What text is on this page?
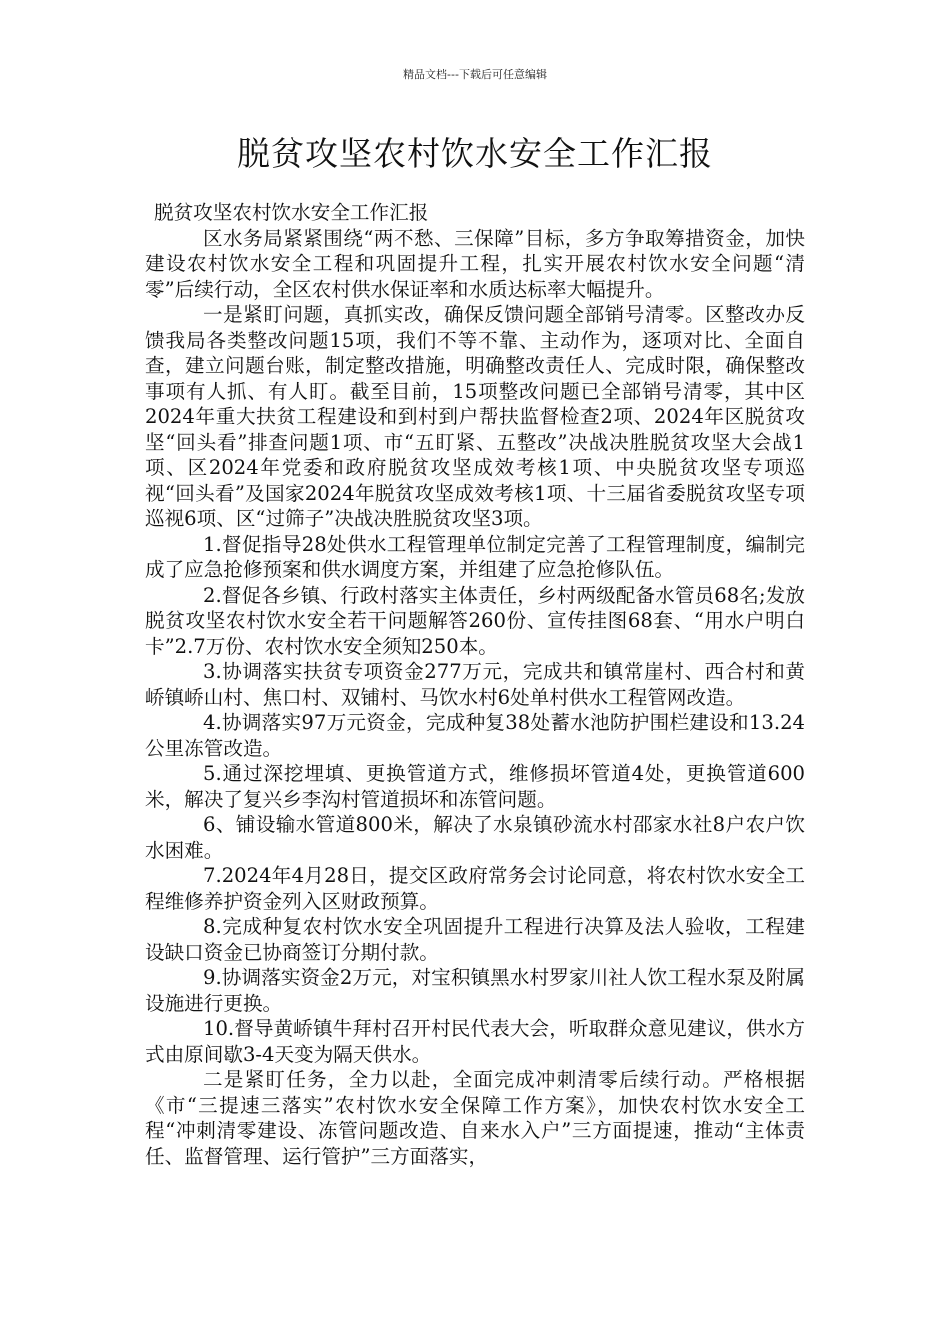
精品文档---下载后可任意编辑
脱贫攻坚农村饮水安全工作汇报

脱贫攻坚农村饮水安全工作汇报

区水务局紧紧围绕“两不愁、三保障”目标，多方争取筹措资金，加快建设农村饮水安全工程和巩固提升工程，扎实开展农村饮水安全问题“清零”后续行动，全区农村供水保证率和水质达标率大幅提升。

一是紧盯问题，真抓实改，确保反馈问题全部销号清零。区整改办反馈我局各类整改问题15项，我们不等不靠、主动作为，逐项对比、全面自查，建立问题台账，制定整改措施，明确整改责任人、完成时限，确保整改事项有人抓、有人盯。截至目前，15项整改问题已全部销号清零，其中区2024年重大扶贫工程建设和到村到户帮扶监督检查2项、2024年区脱贫攻坚“回头看”排查问题1项、市“五盯紧、五整改”决战决胜脱贫攻坚大会战1项、区2024年党委和政府脱贫攻坚成效考核1项、中央脱贫攻坚专项巡视“回头看”及国家2024年脱贫攻坚成效考核1项、十三届省委脱贫攻坚专项巡视6项、区“过筛子”决战决胜脱贫攻坚3项。

1.督促指导28处供水工程管理单位制定完善了工程管理制度，编制完成了应急抢修预案和供水调度方案，并组建了应急抢修队伍。

2.督促各乡镇、行政村落实主体责任，乡村两级配备水管员68名;发放脱贫攻坚农村饮水安全若干问题解答260份、宣传挂图68套、“用水户明白卡”2.7万份、农村饮水安全须知250本。

3.协调落实扶贫专项资金277万元，完成共和镇常崖村、西合村和黄峤镇峤山村、焦口村、双铺村、马饮水村6处单村供水工程管网改造。

4.协调落实97万元资金，完成种复38处蓄水池防护围栏建设和13.24公里冻管改造。

5.通过深挖埋填、更换管道方式，维修损坏管道4处，更换管道600米，解决了复兴乡李沟村管道损坏和冻管问题。

6、铺设输水管道800米，解决了水泉镇砂流水村邵家水社8户农户饮水困难。

7.2024年4月28日，提交区政府常务会讨论同意，将农村饮水安全工程维修养护资金列入区财政预算。

8.完成种复农村饮水安全巩固提升工程进行决算及法人验收，工程建设缺口资金已协商签订分期付款。

9.协调落实资金2万元，对宝积镇黑水村罗家川社人饮工程水泵及附属设施进行更换。

10.督导黄峤镇牛拜村召开村民代表大会，听取群众意见建议，供水方式由原间歇3-4天变为隔天供水。

二是紧盯任务，全力以赴，全面完成冲刺清零后续行动。严格根据《市“三提速三落实”农村饮水安全保障工作方案》，加快农村饮水安全工程“冲刺清零建设、冻管问题改造、自来水入户”三方面提速，推动“主体责任、监督管理、运行管护”三方面落实，
